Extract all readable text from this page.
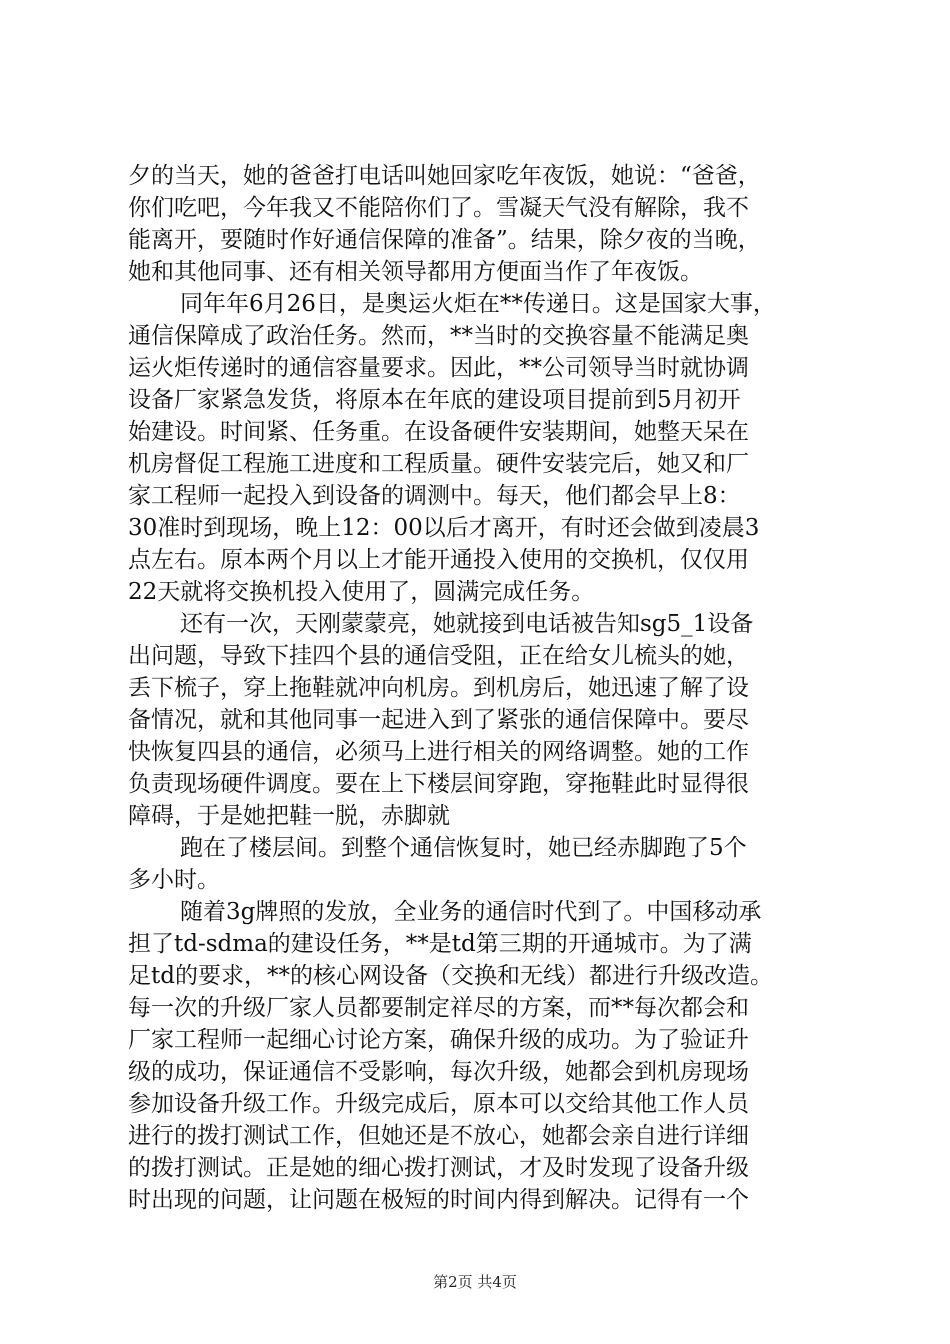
夕的当天，她的爸爸打电话叫她回家吃年夜饭，她说：“爸爸，
你们吃吧，今年我又不能陪你们了。雪凝天气没有解除，我不
能离开，要随时作好通信保障的准备”。结果，除夕夜的当晚，
她和其他同事、还有相关领导都用方便面当作了年夜饭。
同年年6月26日，是奥运火炬在**传递日。这是国家大事，
通信保障成了政治任务。然而，**当时的交换容量不能满足奥
运火炬传递时的通信容量要求。因此，**公司领导当时就协调
设备厂家紧急发货，将原本在年底的建设项目提前到5月初开
始建设。时间紧、任务重。在设备硬件安装期间，她整天呆在
机房督促工程施工进度和工程质量。硬件安装完后，她又和厂
家工程师一起投入到设备的调测中。每天，他们都会早上8：
30准时到现场，晚上12：00以后才离开，有时还会做到凌晨3
点左右。原本两个月以上才能开通投入使用的交换机，仅仅用
22天就将交换机投入使用了，圆满完成任务。
还有一次，天刚蒙蒙亮，她就接到电话被告知sg5_1设备
出问题，导致下挂四个县的通信受阻，正在给女儿梳头的她，
丢下梳子，穿上拖鞋就冲向机房。到机房后，她迅速了解了设
备情况，就和其他同事一起进入到了紧张的通信保障中。要尽
快恢复四县的通信，必须马上进行相关的网络调整。她的工作
负责现场硬件调度。要在上下楼层间穿跑，穿拖鞋此时显得很
障碍，于是她把鞋一脱，赤脚就
跑在了楼层间。到整个通信恢复时，她已经赤脚跑了5个
多小时。
随着3g牌照的发放，全业务的通信时代到了。中国移动承
担了td-sdma的建设任务，**是td第三期的开通城市。为了满
足td的要求，**的核心网设备（交换和无线）都进行升级改造。
每一次的升级厂家人员都要制定祥尽的方案，而**每次都会和
厂家工程师一起细心讨论方案，确保升级的成功。为了验证升
级的成功，保证通信不受影响，每次升级，她都会到机房现场
参加设备升级工作。升级完成后，原本可以交给其他工作人员
进行的拨打测试工作，但她还是不放心，她都会亲自进行详细
的拨打测试。正是她的细心拨打测试，才及时发现了设备升级
时出现的问题，让问题在极短的时间内得到解决。记得有一个
第2页 共4页
